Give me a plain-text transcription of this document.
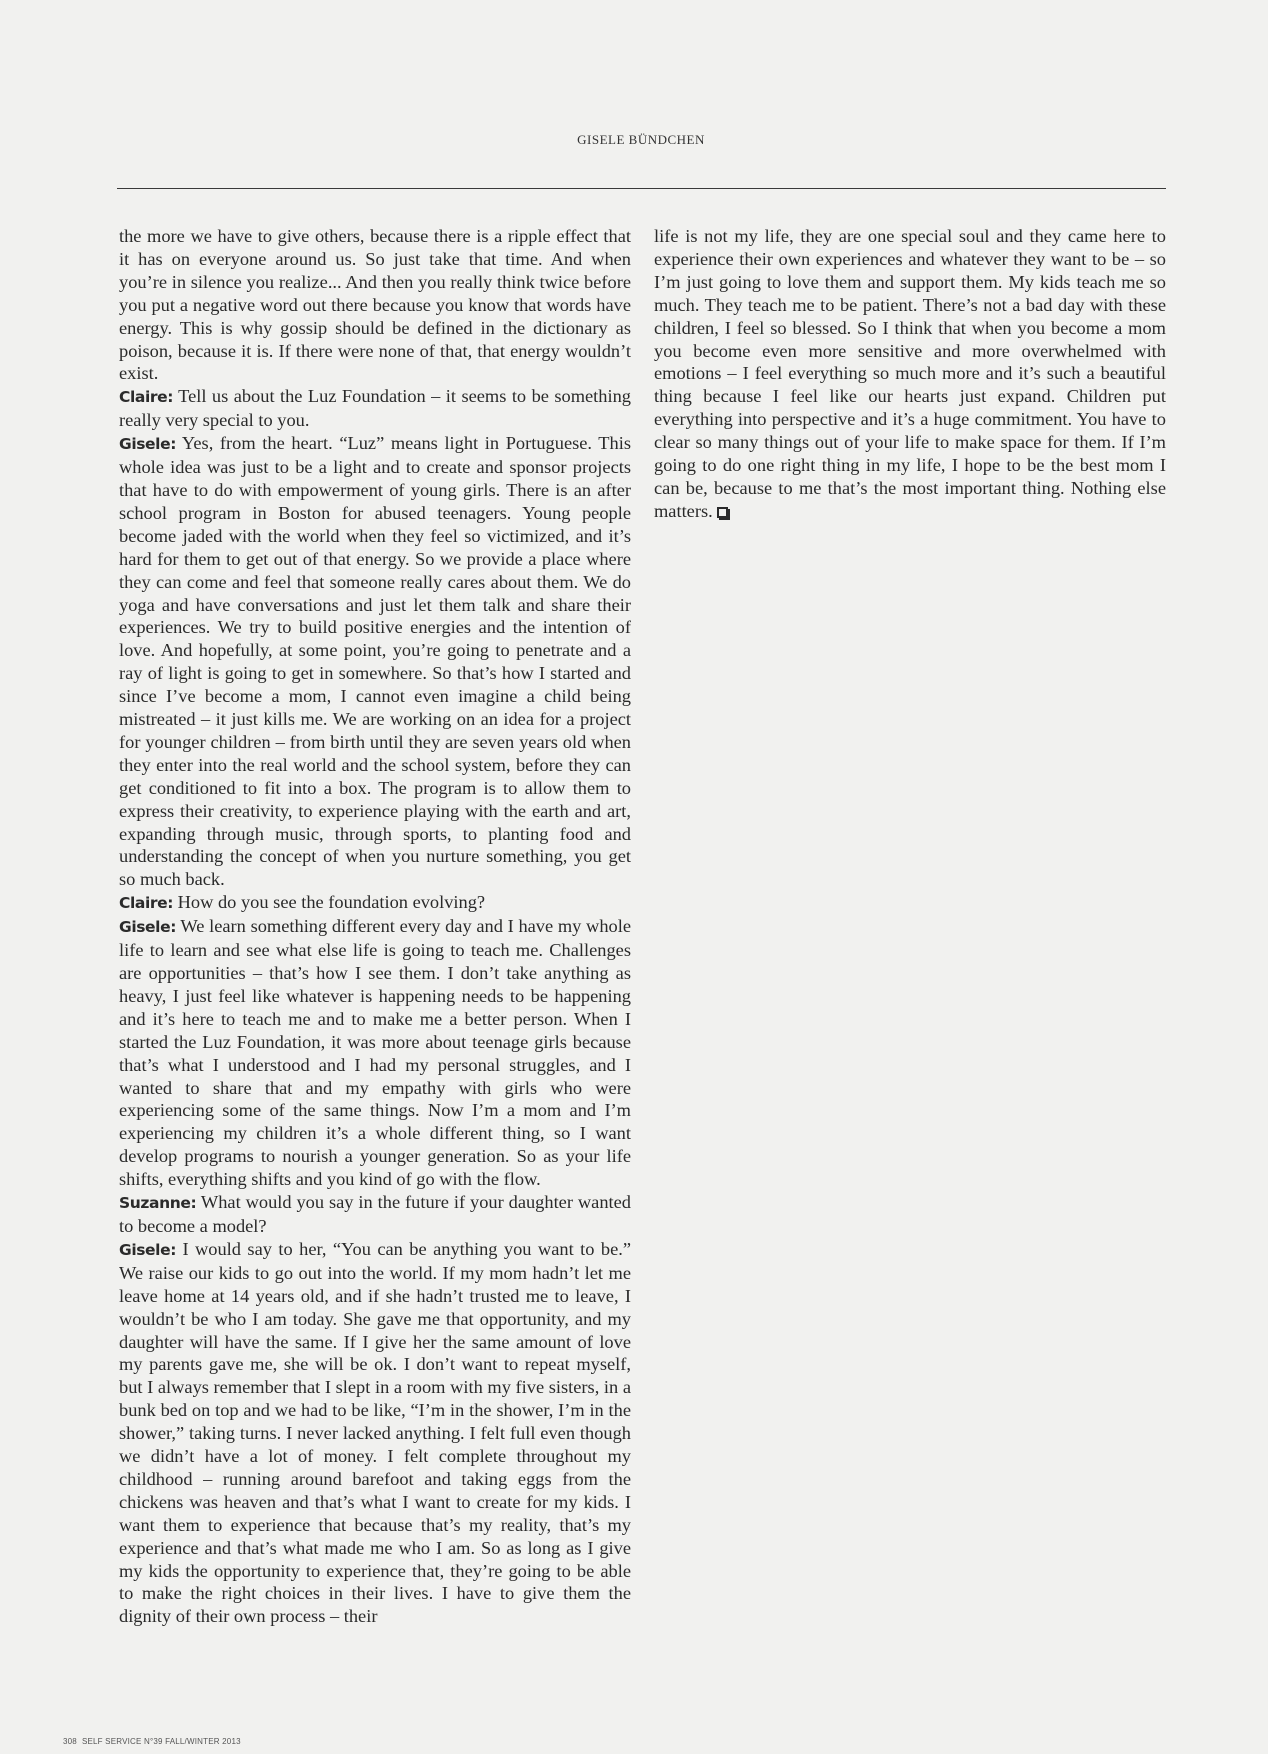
GISELE BÜNDCHEN

the more we have to give others, because there is a ripple effect that it has on everyone around us. So just take that time. And when you’re in silence you realize... And then you really think twice before you put a negative word out there because you know that words have energy. This is why gossip should be defined in the dictionary as poison, because it is. If there were none of that, that energy wouldn’t exist.

Claire: Tell us about the Luz Foundation – it seems to be something really very special to you.

Gisele: Yes, from the heart. “Luz” means light in Portuguese. This whole idea was just to be a light and to create and sponsor projects that have to do with empowerment of young girls. There is an after school program in Boston for abused teenagers. Young people become jaded with the world when they feel so victimized, and it’s hard for them to get out of that energy. So we provide a place where they can come and feel that someone really cares about them. We do yoga and have conversations and just let them talk and share their experiences. We try to build positive energies and the intention of love. And hopefully, at some point, you’re going to penetrate and a ray of light is going to get in somewhere. So that’s how I started and since I’ve become a mom, I cannot even imagine a child being mistreated – it just kills me. We are working on an idea for a project for younger children – from birth until they are seven years old when they enter into the real world and the school system, before they can get conditioned to fit into a box. The program is to allow them to express their creativity, to experience playing with the earth and art, expanding through music, through sports, to planting food and understanding the concept of when you nurture something, you get so much back.

Claire: How do you see the foundation evolving?

Gisele: We learn something different every day and I have my whole life to learn and see what else life is going to teach me. Challenges are opportunities – that’s how I see them. I don’t take anything as heavy, I just feel like whatever is happening needs to be happening and it’s here to teach me and to make me a better person. When I started the Luz Foundation, it was more about teenage girls because that’s what I understood and I had my personal struggles, and I wanted to share that and my empathy with girls who were experiencing some of the same things. Now I’m a mom and I’m experiencing my children it’s a whole different thing, so I want develop programs to nourish a younger generation. So as your life shifts, everything shifts and you kind of go with the flow.

Suzanne: What would you say in the future if your daughter wanted to become a model?

Gisele: I would say to her, “You can be anything you want to be.” We raise our kids to go out into the world. If my mom hadn’t let me leave home at 14 years old, and if she hadn’t trusted me to leave, I wouldn’t be who I am today. She gave me that opportunity, and my daughter will have the same. If I give her the same amount of love my parents gave me, she will be ok. I don’t want to repeat myself, but I always remember that I slept in a room with my five sisters, in a bunk bed on top and we had to be like, “I’m in the shower, I’m in the shower,” taking turns. I never lacked anything. I felt full even though we didn’t have a lot of money. I felt complete throughout my childhood – running around barefoot and taking eggs from the chickens was heaven and that’s what I want to create for my kids. I want them to experience that because that’s my reality, that’s my experience and that’s what made me who I am. So as long as I give my kids the opportunity to experience that, they’re going to be able to make the right choices in their lives. I have to give them the dignity of their own process – their

life is not my life, they are one special soul and they came here to experience their own experiences and whatever they want to be – so I’m just going to love them and support them. My kids teach me so much. They teach me to be patient. There’s not a bad day with these children, I feel so blessed. So I think that when you become a mom you become even more sensitive and more overwhelmed with emotions – I feel everything so much more and it’s such a beautiful thing because I feel like our hearts just expand. Children put everything into perspective and it’s a huge commitment. You have to clear so many things out of your life to make space for them. If I’m going to do one right thing in my life, I hope to be the best mom I can be, because to me that’s the most important thing. Nothing else matters.

308 SELF SERVICE N°39 FALL/WINTER 2013
